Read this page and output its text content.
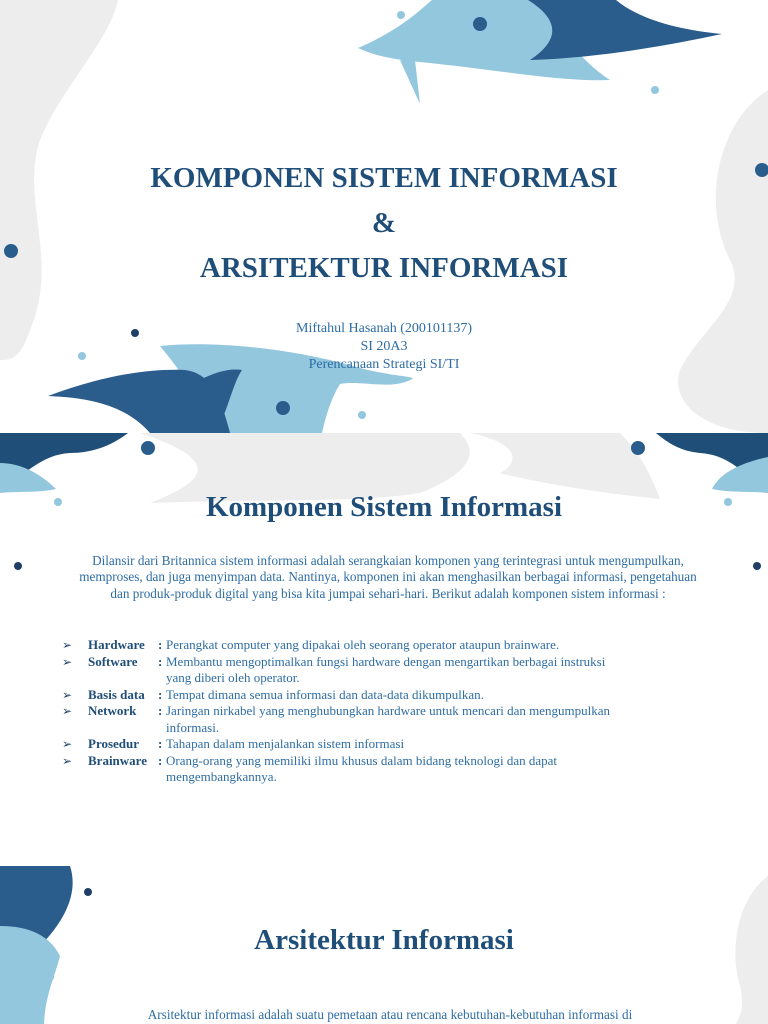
KOMPONEN SISTEM INFORMASI
&
ARSITEKTUR INFORMASI
Miftahul Hasanah (200101137)
SI 20A3
Perencanaan Strategi SI/TI
Komponen Sistem Informasi
Dilansir dari Britannica sistem informasi adalah serangkaian komponen yang terintegrasi untuk mengumpulkan, memproses, dan juga menyimpan data. Nantinya, komponen ini akan menghasilkan berbagai informasi, pengetahuan dan produk-produk digital yang bisa kita jumpai sehari-hari. Berikut adalah komponen sistem informasi :
➢	Hardware	: Perangkat computer yang dipakai oleh seorang operator ataupun brainware.
➢	Software	: Membantu mengoptimalkan fungsi hardware dengan mengartikan berbagai instruksi yang diberi oleh operator.
➢	Basis data	: Tempat dimana semua informasi dan data-data dikumpulkan.
➢	Network	: Jaringan nirkabel yang menghubungkan hardware untuk mencari dan mengumpulkan informasi.
➢	Prosedur	: Tahapan dalam menjalankan sistem informasi
➢	Brainware : Orang-orang yang memiliki ilmu khusus dalam bidang teknologi dan dapat mengembangkannya.
Arsitektur Informasi
Arsitektur informasi adalah suatu pemetaan atau rencana kebutuhan-kebutuhan informasi di
